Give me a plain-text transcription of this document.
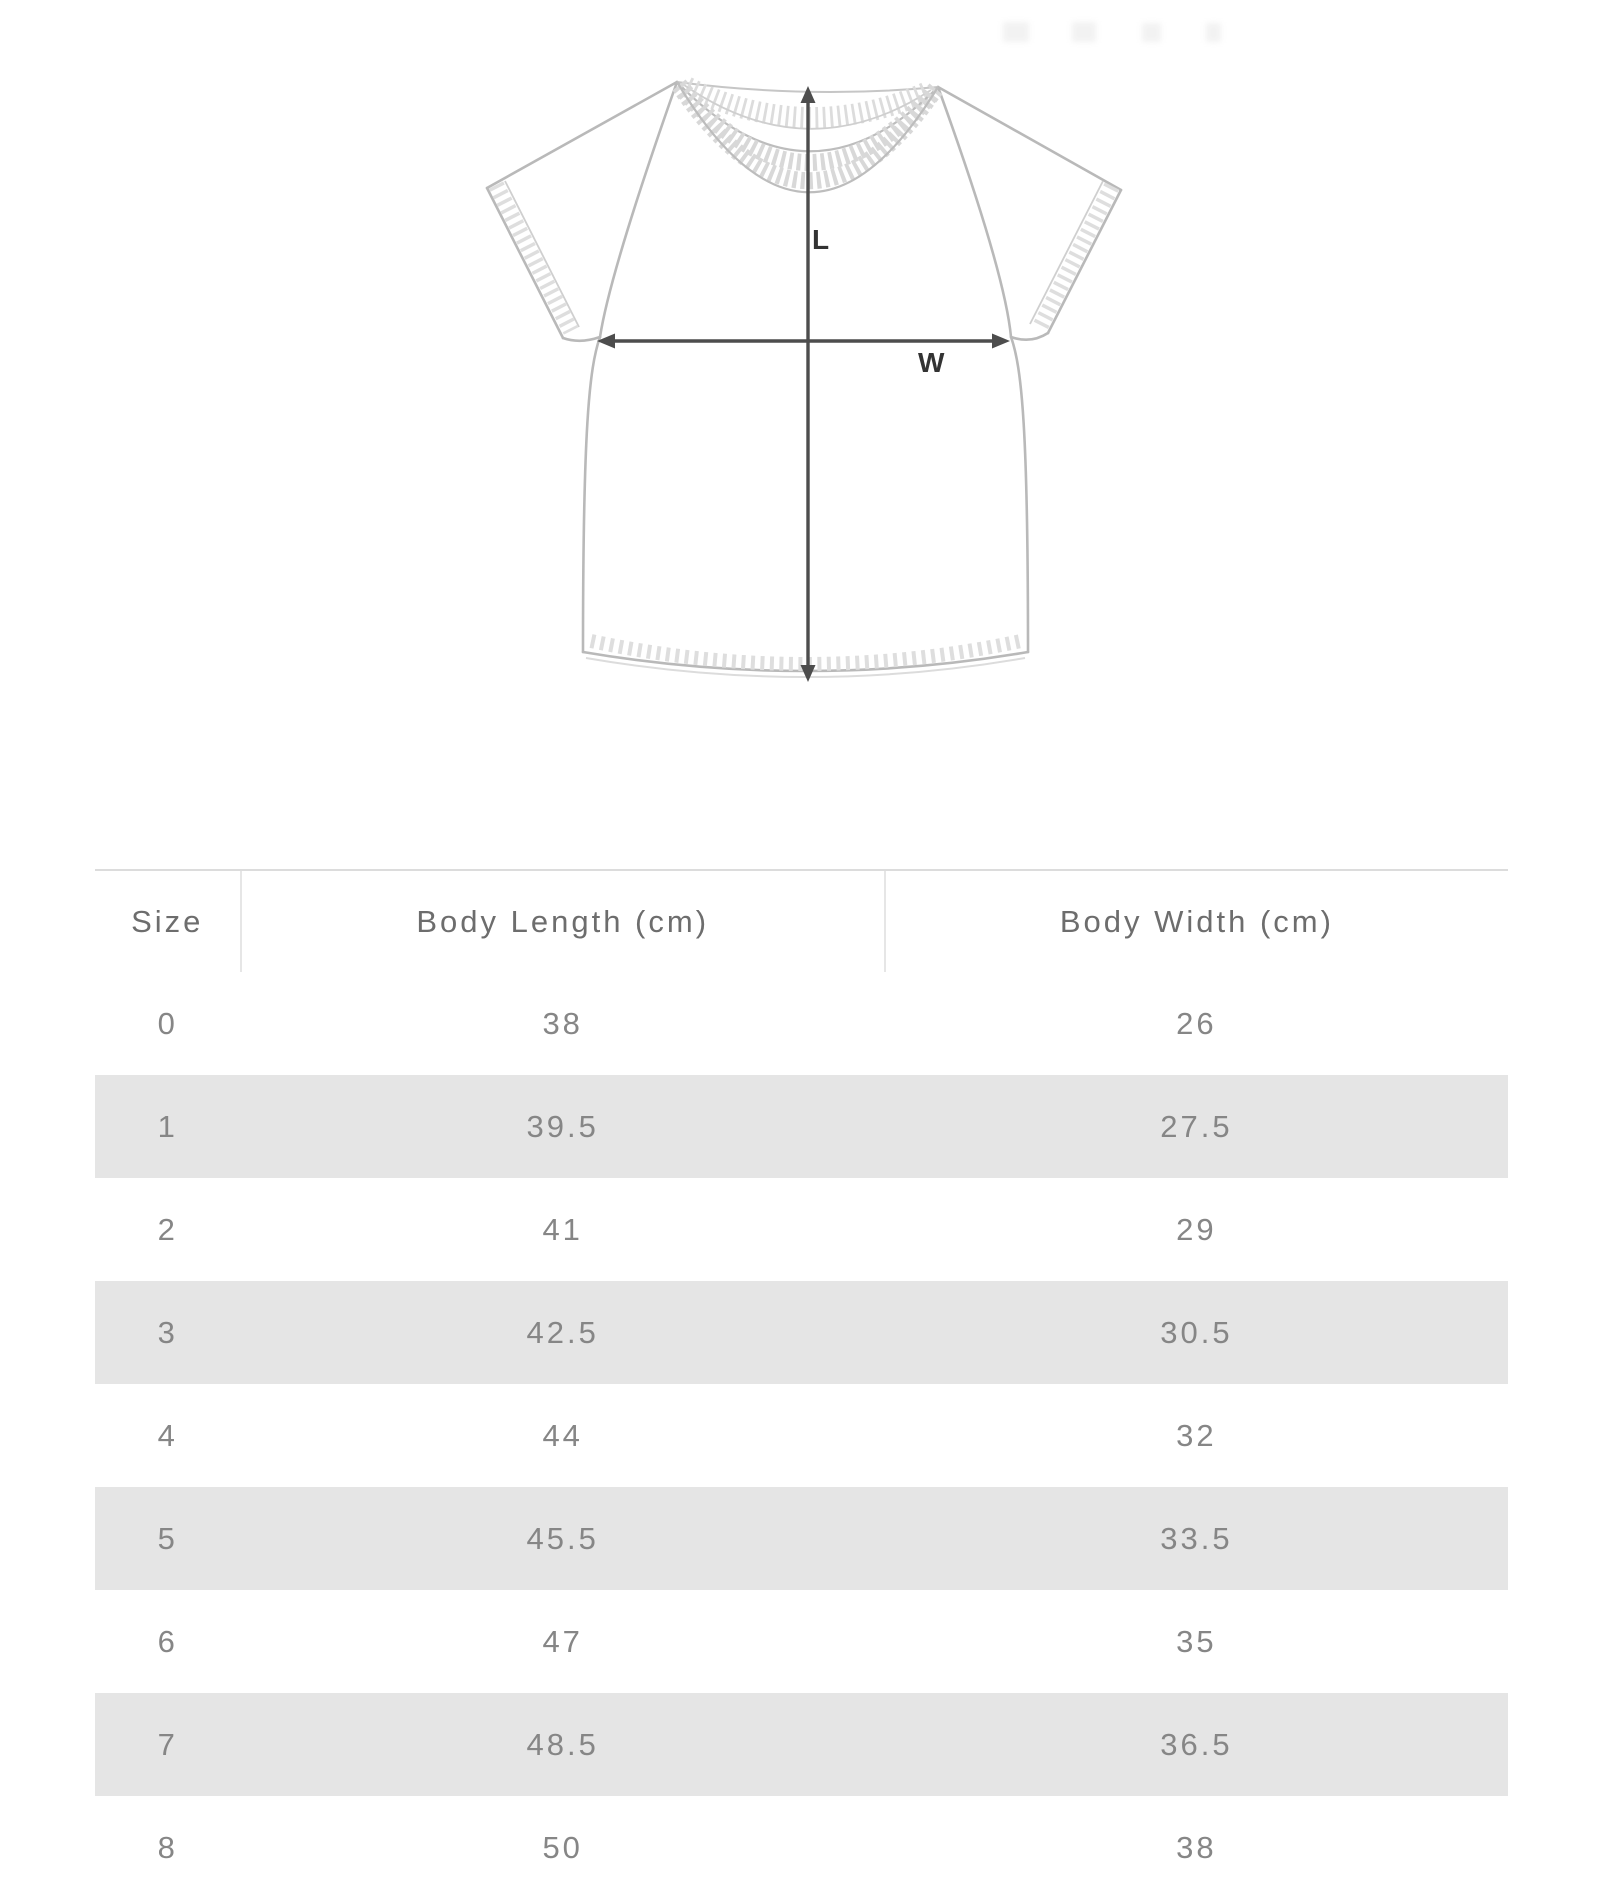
L
W
Size	Body Length (cm)	Body Width (cm)
0	38	26
1	39.5	27.5
2	41	29
3	42.5	30.5
4	44	32
5	45.5	33.5
6	47	35
7	48.5	36.5
8	50	38
